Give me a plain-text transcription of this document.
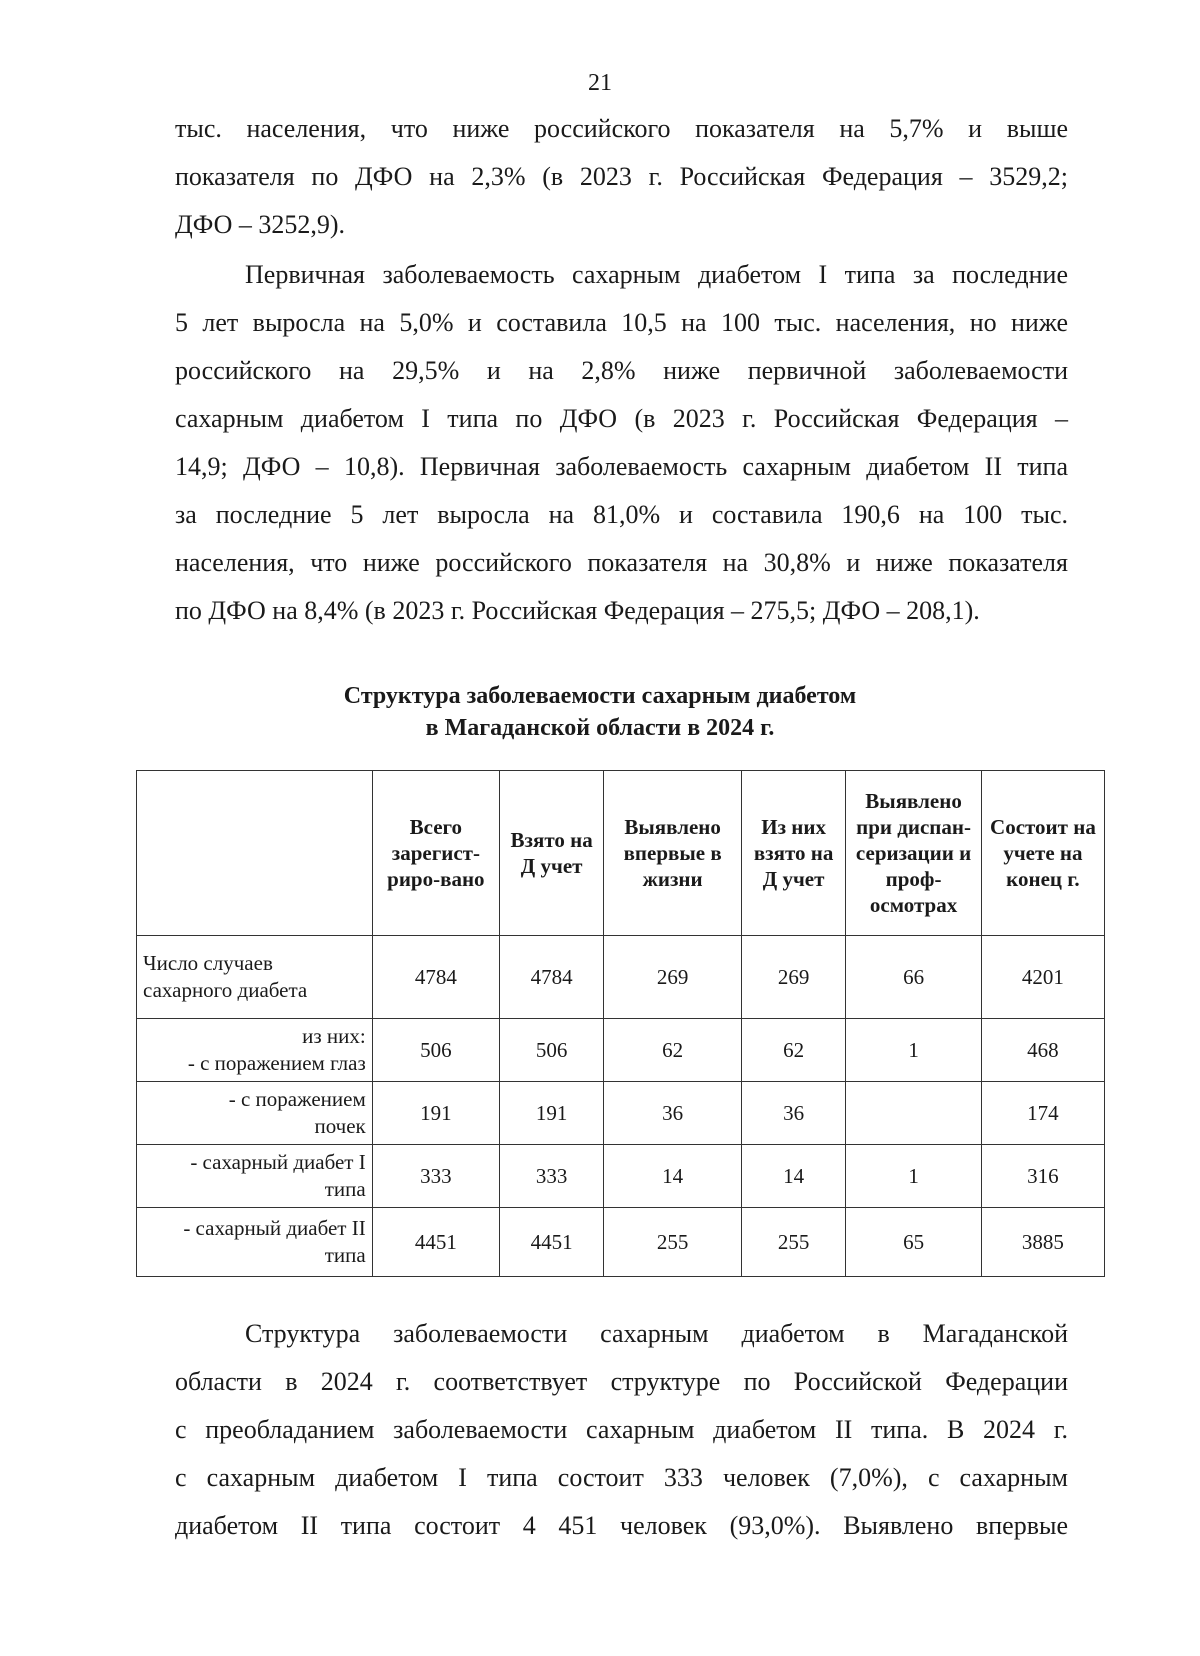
21
тыс. населения, что ниже российского показателя на 5,7% и выше
показателя по ДФО на 2,3% (в 2023 г. Российская Федерация – 3529,2;
ДФО – 3252,9).
Первичная заболеваемость сахарным диабетом I типа за последние
5 лет выросла на 5,0% и составила 10,5 на 100 тыс. населения, но ниже
российского на 29,5% и на 2,8% ниже первичной заболеваемости
сахарным диабетом I типа по ДФО (в 2023 г. Российская Федерация –
14,9; ДФО – 10,8). Первичная заболеваемость сахарным диабетом II типа
за последние 5 лет выросла на 81,0% и составила 190,6 на 100 тыс.
населения, что ниже российского показателя на 30,8% и ниже показателя
по ДФО на 8,4% (в 2023 г. Российская Федерация – 275,5; ДФО – 208,1).
Структура заболеваемости сахарным диабетом
в Магаданской области в 2024 г.
	Всего зарегист-риро-вано	Взято на Д учет	Выявлено впервые в жизни	Из них взято на Д учет	Выявлено при диспан-серизации и проф-осмотрах	Состоит на учете на конец г.

Число случаев
сахарного диабета	4784	4784	269	269	66	4201

из них:
- с поражением глаз	506	506	62	62	1	468

- с поражением
почек	191	191	36	36		174

- сахарный диабет I
типа	333	333	14	14	1	316

- сахарный диабет II
типа	4451	4451	255	255	65	3885
Структура заболеваемости сахарным диабетом в Магаданской
области в 2024 г. соответствует структуре по Российской Федерации
с преобладанием заболеваемости сахарным диабетом II типа. В 2024 г.
с сахарным диабетом I типа состоит 333 человек (7,0%), с сахарным
диабетом II типа состоит 4 451 человек (93,0%). Выявлено впервые
